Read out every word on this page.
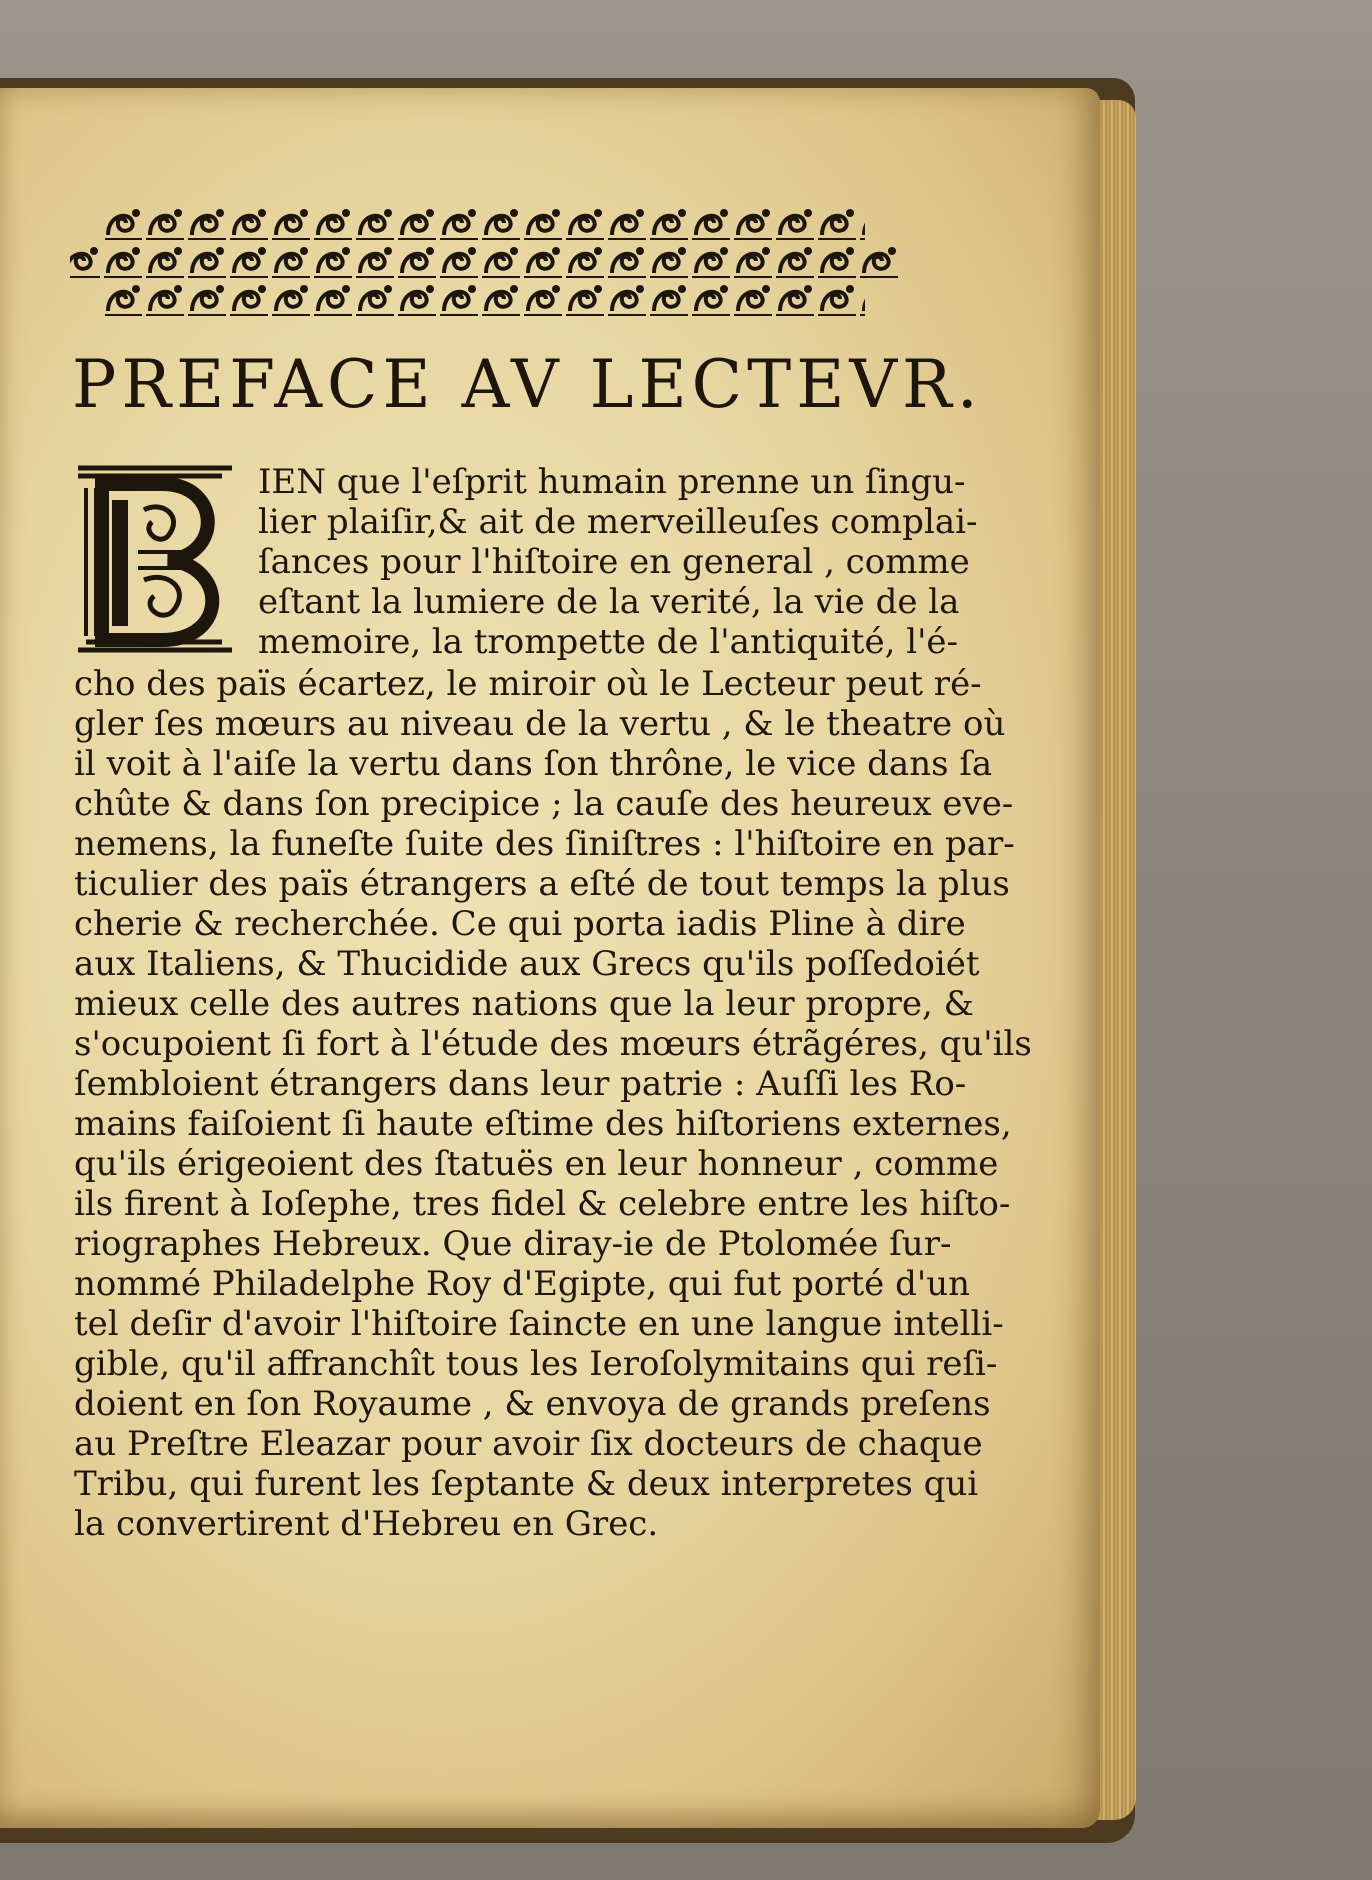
PREFACE AV LECTEVR.
IEN que l'eſprit humain prenne un ſingu-
lier plaiſir,& ait de merveilleuſes complai-
ſances pour l'hiſtoire en general , comme
eſtant la lumiere de la verité, la vie de la
memoire, la trompette de l'antiquité, l'é-
cho des païs écartez, le miroir où le Lecteur peut ré-
gler ſes mœurs au niveau de la vertu , & le theatre où
il voit à l'aiſe la vertu dans ſon thrône, le vice dans ſa
chûte & dans ſon precipice ; la cauſe des heureux eve-
nemens, la funeſte ſuite des ſiniſtres : l'hiſtoire en par-
ticulier des païs étrangers a eſté de tout temps la plus
cherie & recherchée. Ce qui porta iadis Pline à dire
aux Italiens, & Thucidide aux Grecs qu'ils poſſedoiét
mieux celle des autres nations que la leur propre, &
s'ocupoient ſi fort à l'étude des mœurs étrãgéres, qu'ils
ſembloient étrangers dans leur patrie : Auſſi les Ro-
mains faiſoient ſi haute eſtime des hiſtoriens externes,
qu'ils érigeoient des ſtatuës en leur honneur , comme
ils firent à Ioſephe, tres fidel & celebre entre les hiſto-
riographes Hebreux. Que diray-ie de Ptolomée ſur-
nommé Philadelphe Roy d'Egipte, qui fut porté d'un
tel deſir d'avoir l'hiſtoire ſaincte en une langue intelli-
gible, qu'il affranchît tous les Ieroſolymitains qui reſi-
doient en ſon Royaume , & envoya de grands preſens
au Preſtre Eleazar pour avoir ſix docteurs de chaque
Tribu, qui furent les ſeptante & deux interpretes qui
la convertirent d'Hebreu en Grec.
